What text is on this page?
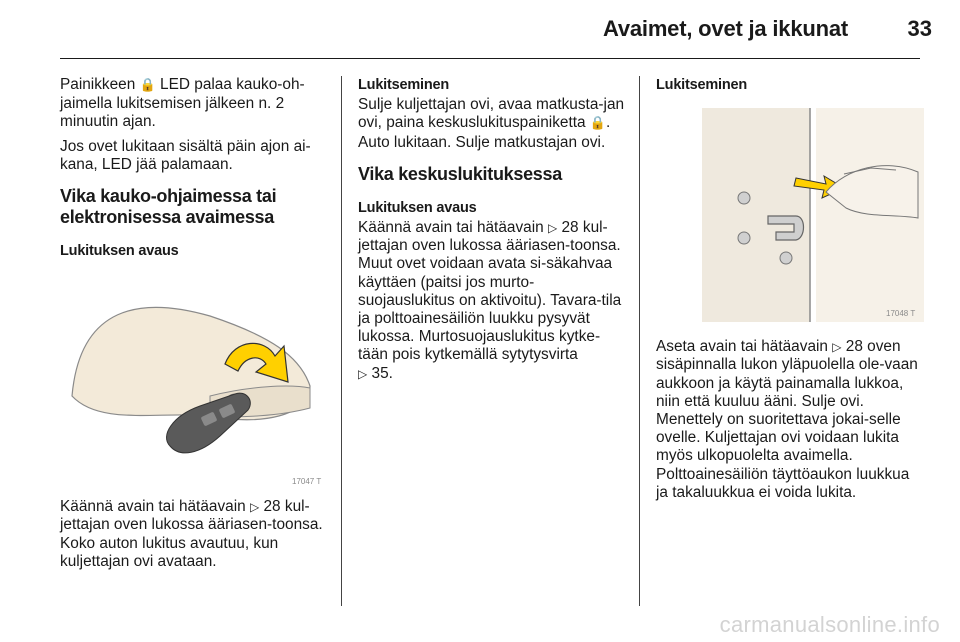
Avaimet, ovet ja ikkunat	33

Painikkeen 🔒 LED palaa kauko-oh-jaimella lukitsemisen jälkeen n. 2 minuutin ajan.

Jos ovet lukitaan sisältä päin ajon ai-kana, LED jää palamaan.

Vika kauko-ohjaimessa tai elektronisessa avaimessa
Lukituksen avaus
17047 T

Käännä avain tai hätäavain ▷ 28 kul-jettajan oven lukossa ääriasen-toonsa. Koko auton lukitus avautuu, kun kuljettajan ovi avataan.

Lukitseminen

Sulje kuljettajan ovi, avaa matkusta-jan ovi, paina keskuslukituspainiketta 🔒. Auto lukitaan. Sulje matkustajan ovi.

Vika keskuslukituksessa
Lukituksen avaus

Käännä avain tai hätäavain ▷ 28 kul-jettajan oven lukossa ääriasen-toonsa. Muut ovet voidaan avata si-säkahvaa käyttäen (paitsi jos murto-suojauslukitus on aktivoitu). Tavara-tila ja polttoainesäiliön luukku pysyvät lukossa. Murtosuojauslukitus kytke-tään pois kytkemällä sytytysvirta
▷ 35.

Lukitseminen
17048 T

Aseta avain tai hätäavain ▷ 28 oven sisäpinnalla lukon yläpuolella ole-vaan aukkoon ja käytä painamalla lukkoa, niin että kuuluu ääni. Sulje ovi. Menettely on suoritettava jokai-selle ovelle. Kuljettajan ovi voidaan lukita myös ulkopuolelta avaimella. Polttoainesäiliön täyttöaukon luukkua ja takaluukkua ei voida lukita.

carmanualsonline.info
